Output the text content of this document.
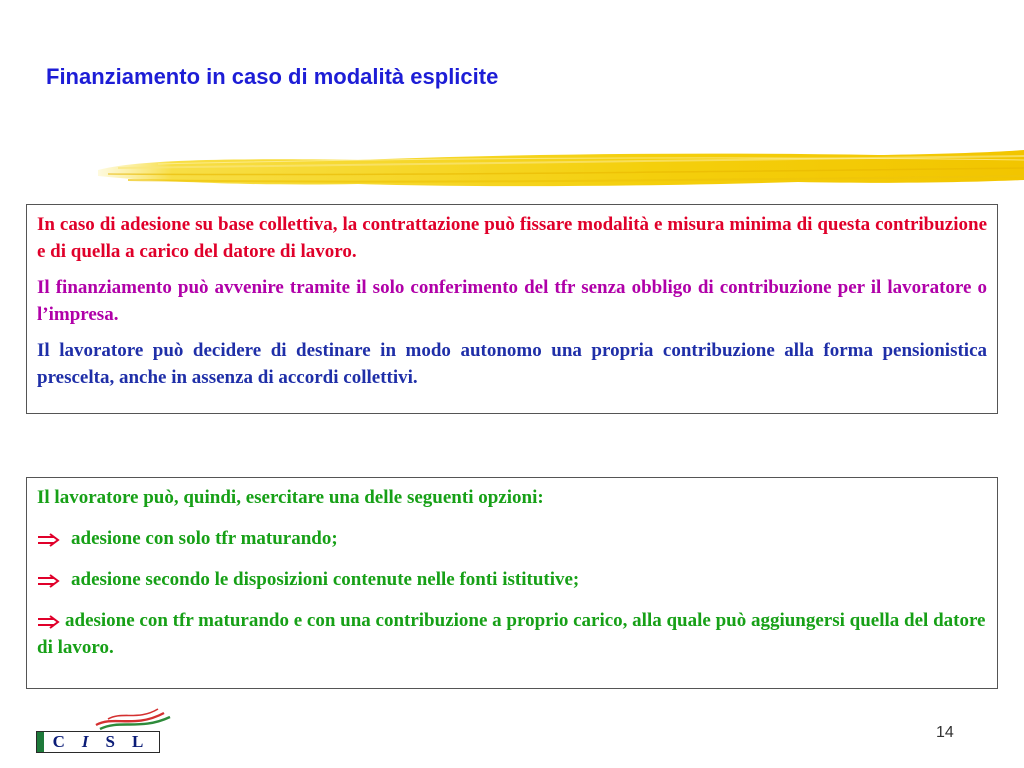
Finanziamento in caso di modalità esplicite

In caso di adesione su base collettiva, la contrattazione può fissare modalità e misura minima di questa contribuzione e di quella a carico del datore di lavoro.

Il finanziamento può avvenire tramite il solo conferimento del tfr senza obbligo di contribuzione per il lavoratore o l’impresa.

Il lavoratore può decidere di destinare in modo autonomo una propria contribuzione alla forma pensionistica prescelta, anche in assenza di accordi collettivi.

Il lavoratore può, quindi, esercitare una delle seguenti opzioni:

adesione con solo tfr maturando;

adesione secondo le disposizioni contenute nelle fonti istitutive;

adesione con tfr maturando e con una contribuzione a proprio carico, alla quale può aggiungersi quella del datore di lavoro.

C I S L	14
